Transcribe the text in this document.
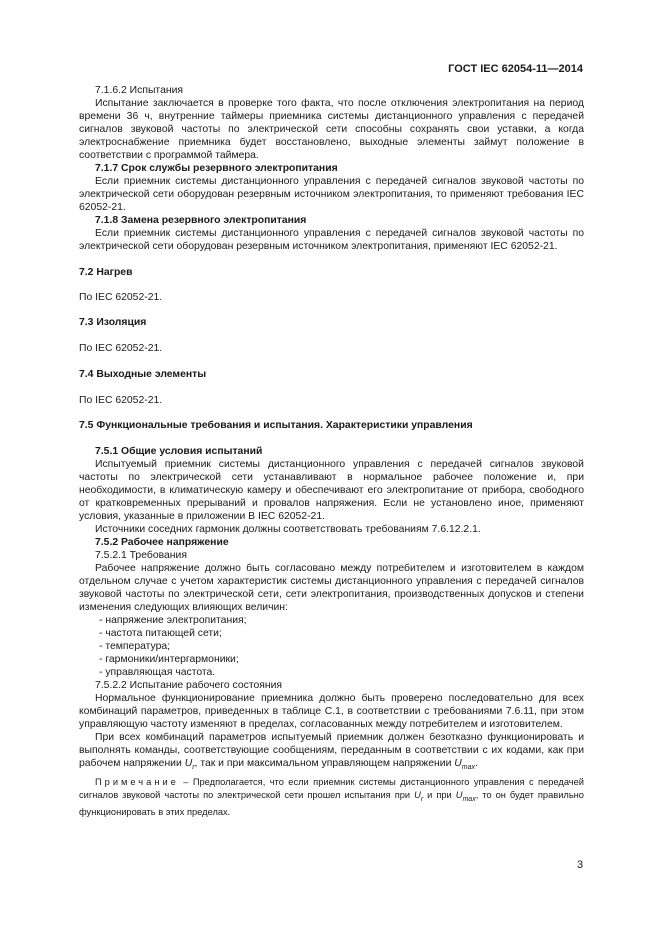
ГОСТ IEC 62054-11—2014
7.1.6.2 Испытания
Испытание заключается в проверке того факта, что после отключения электропитания на период времени 36 ч, внутренние таймеры приемника системы дистанционного управления с передачей сигналов звуковой частоты по электрической сети способны сохранять свои уставки, а когда электроснабжение приемника будет восстановлено, выходные элементы займут положение в соответствии с программой таймера.
7.1.7 Срок службы резервного электропитания
Если приемник системы дистанционного управления с передачей сигналов звуковой частоты по электрической сети оборудован резервным источником электропитания, то применяют требования IEC 62052-21.
7.1.8 Замена резервного электропитания
Если приемник системы дистанционного управления с передачей сигналов звуковой частоты по электрической сети оборудован резервным источником электропитания, применяют IEC 62052-21.
7.2 Нагрев
По IEC 62052-21.
7.3 Изоляция
По IEC 62052-21.
7.4 Выходные элементы
По IEC 62052-21.
7.5 Функциональные требования и испытания. Характеристики управления
7.5.1 Общие условия испытаний
Испытуемый приемник системы дистанционного управления с передачей сигналов звуковой частоты по электрической сети устанавливают в нормальное рабочее положение и, при необходимости, в климатическую камеру и обеспечивают его электропитание от прибора, свободного от кратковременных прерываний и провалов напряжения. Если не установлено иное, применяют условия, указанные в приложении В IEC 62052-21.
Источники соседних гармоник должны соответствовать требованиям 7.6.12.2.1.
7.5.2 Рабочее напряжение
7.5.2.1 Требования
Рабочее напряжение должно быть согласовано между потребителем и изготовителем в каждом отдельном случае с учетом характеристик системы дистанционного управления с передачей сигналов звуковой частоты по электрической сети, сети электропитания, производственных допусков и степени изменения следующих влияющих величин:
- напряжение электропитания;
- частота питающей сети;
- температура;
- гармоники/интергармоники;
- управляющая частота.
7.5.2.2 Испытание рабочего состояния
Нормальное функционирование приемника должно быть проверено последовательно для всех комбинаций параметров, приведенных в таблице С.1, в соответствии с требованиями 7.6.11, при этом управляющую частоту изменяют в пределах, согласованных между потребителем и изготовителем.
При всех комбинаций параметров испытуемый приемник должен безотказно функционировать и выполнять команды, соответствующие сообщениям, переданным в соответствии с их кодами, как при рабочем напряжении $U_r$, так и при максимальном управляющем напряжении $U_{max}$.
Примечание – Предполагается, что если приемник системы дистанционного управления с передачей сигналов звуковой частоты по электрической сети прошел испытания при $U_r$ и при $U_{max}$, то он будет правильно функционировать в этих пределах.
3
